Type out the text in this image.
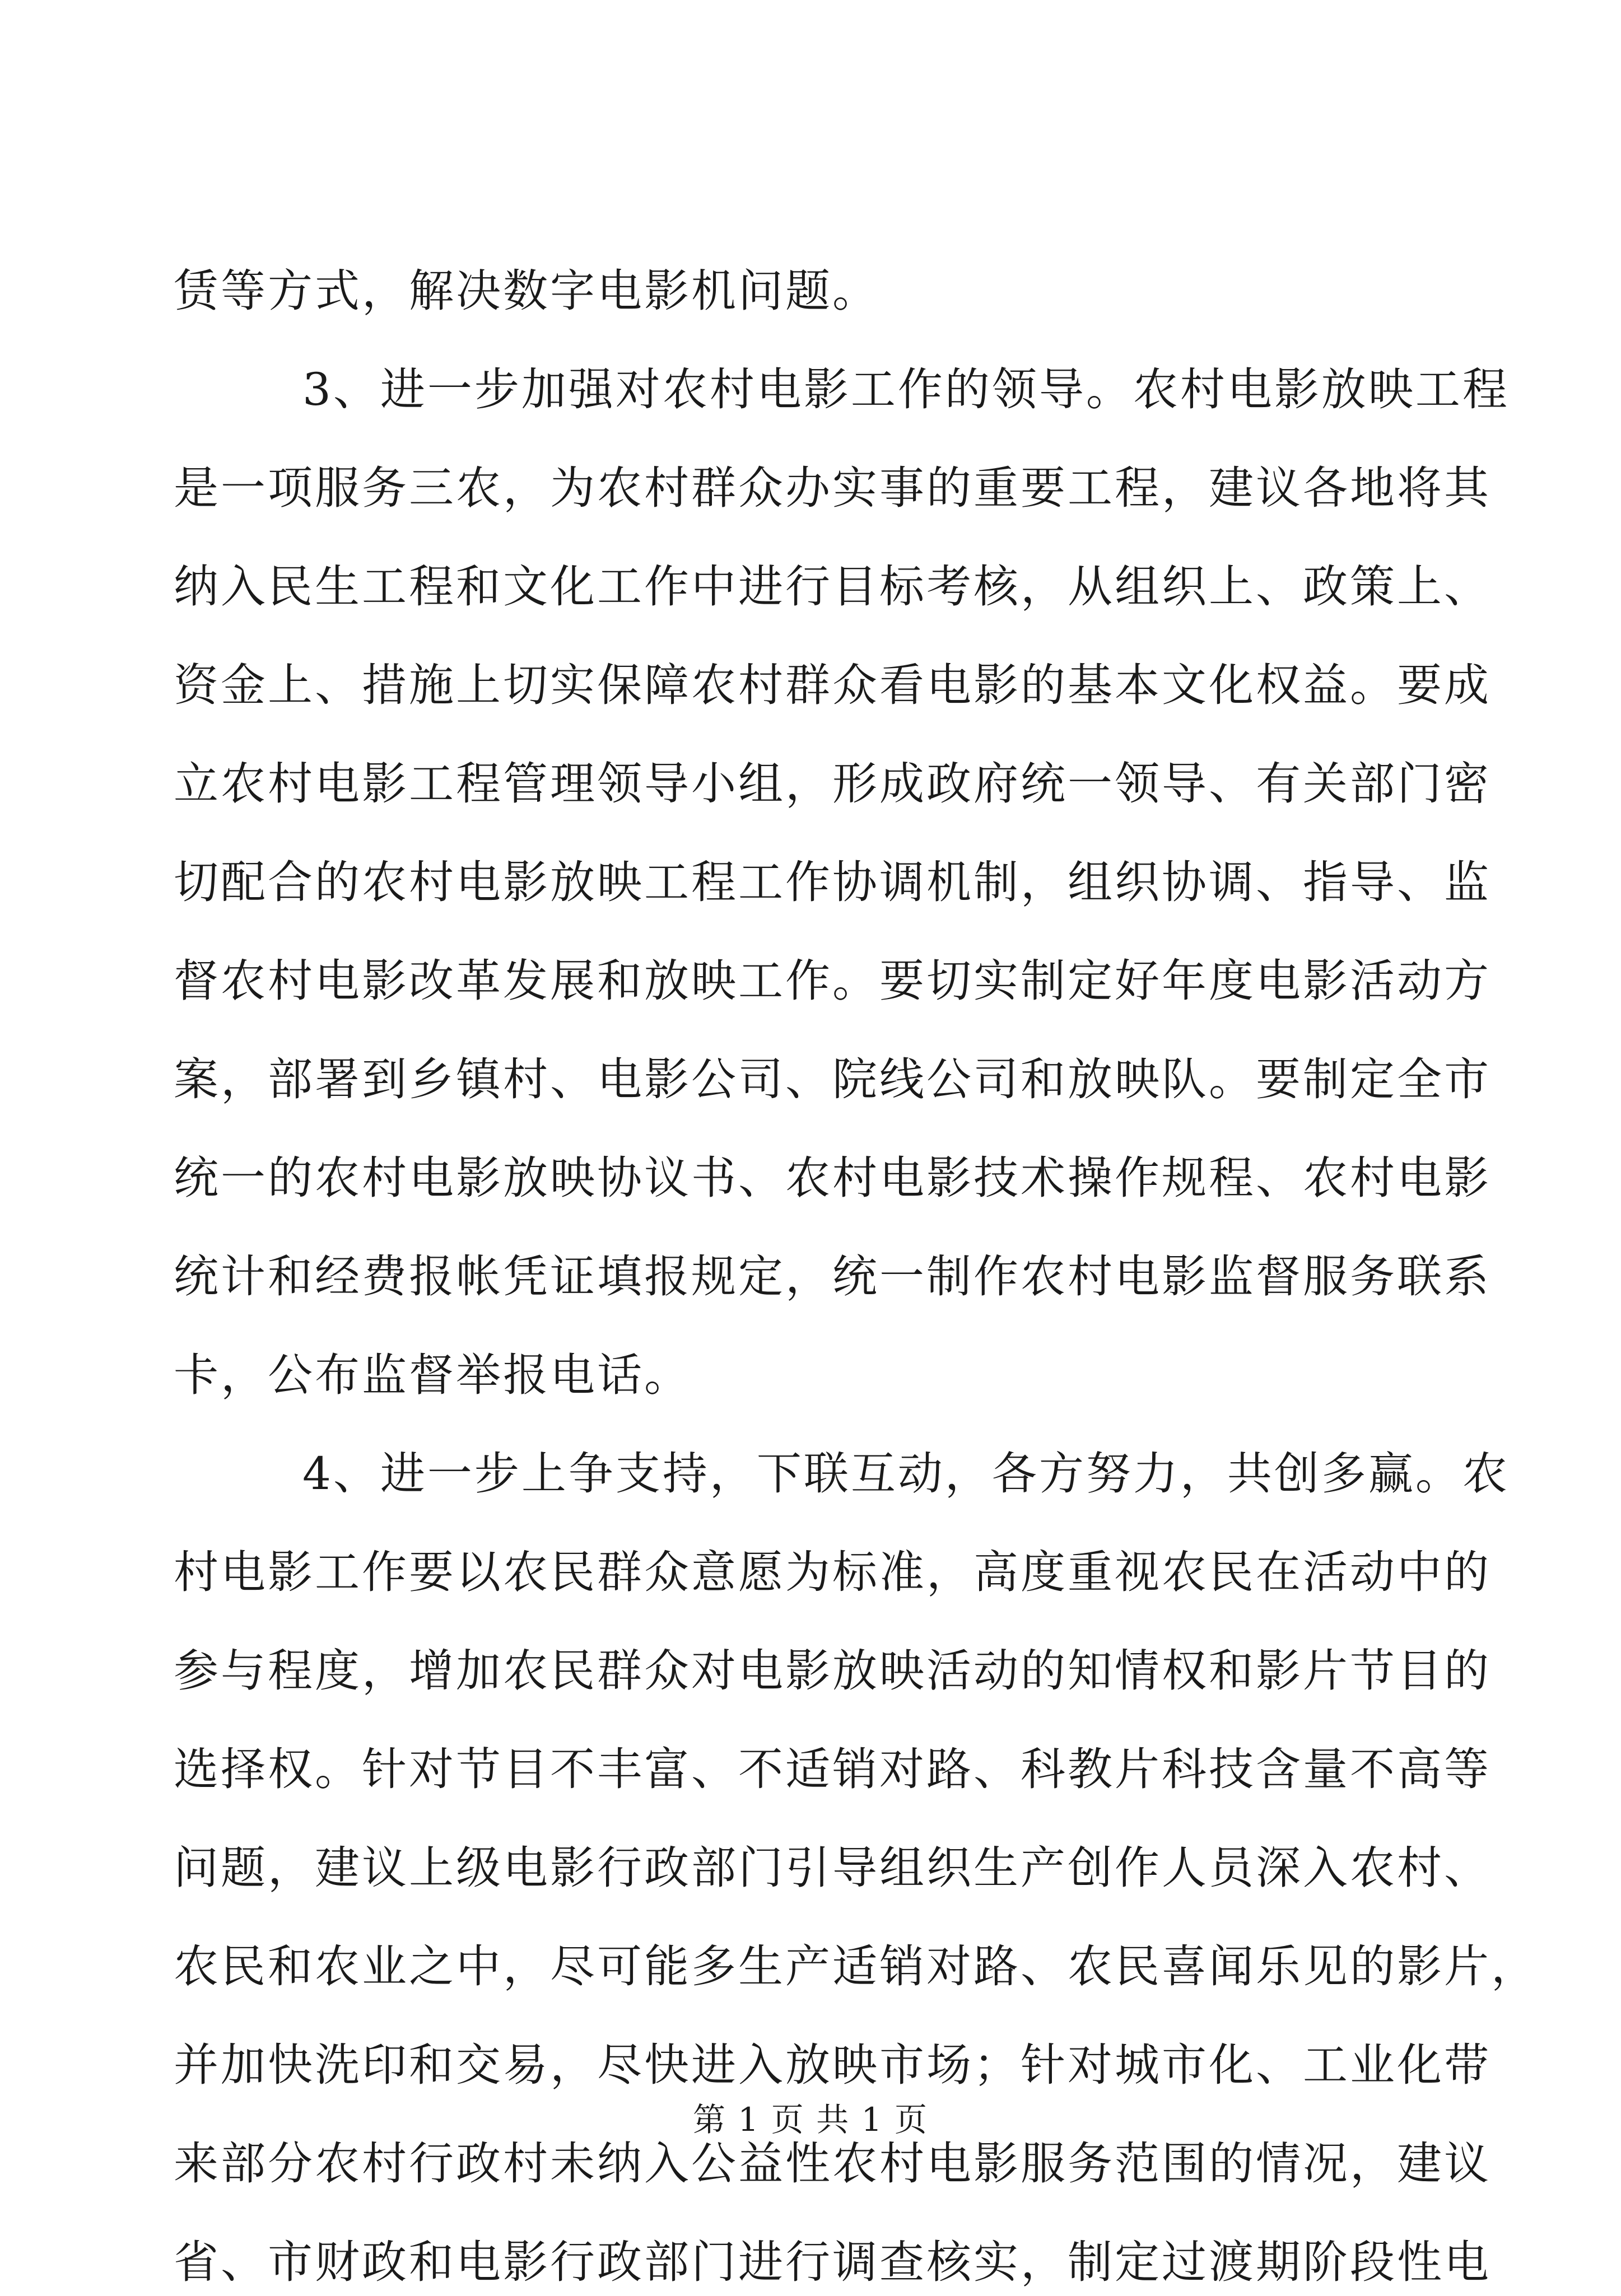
赁等方式，解决数字电影机问题。
3、进一步加强对农村电影工作的领导。农村电影放映工程
是一项服务三农，为农村群众办实事的重要工程，建议各地将其
纳入民生工程和文化工作中进行目标考核，从组织上、政策上、
资金上、措施上切实保障农村群众看电影的基本文化权益。要成
立农村电影工程管理领导小组，形成政府统一领导、有关部门密
切配合的农村电影放映工程工作协调机制，组织协调、指导、监
督农村电影改革发展和放映工作。要切实制定好年度电影活动方
案，部署到乡镇村、电影公司、院线公司和放映队。要制定全市
统一的农村电影放映协议书、农村电影技术操作规程、农村电影
统计和经费报帐凭证填报规定，统一制作农村电影监督服务联系
卡，公布监督举报电话。
4、进一步上争支持，下联互动，各方努力，共创多赢。农
村电影工作要以农民群众意愿为标准，高度重视农民在活动中的
参与程度，增加农民群众对电影放映活动的知情权和影片节目的
选择权。针对节目不丰富、不适销对路、科教片科技含量不高等
问题，建议上级电影行政部门引导组织生产创作人员深入农村、
农民和农业之中，尽可能多生产适销对路、农民喜闻乐见的影片，
并加快洗印和交易，尽快进入放映市场；针对城市化、工业化带
来部分农村行政村未纳入公益性农村电影服务范围的情况，建议
省、市财政和电影行政部门进行调查核实，制定过渡期阶段性电
第 1 页 共 1 页
